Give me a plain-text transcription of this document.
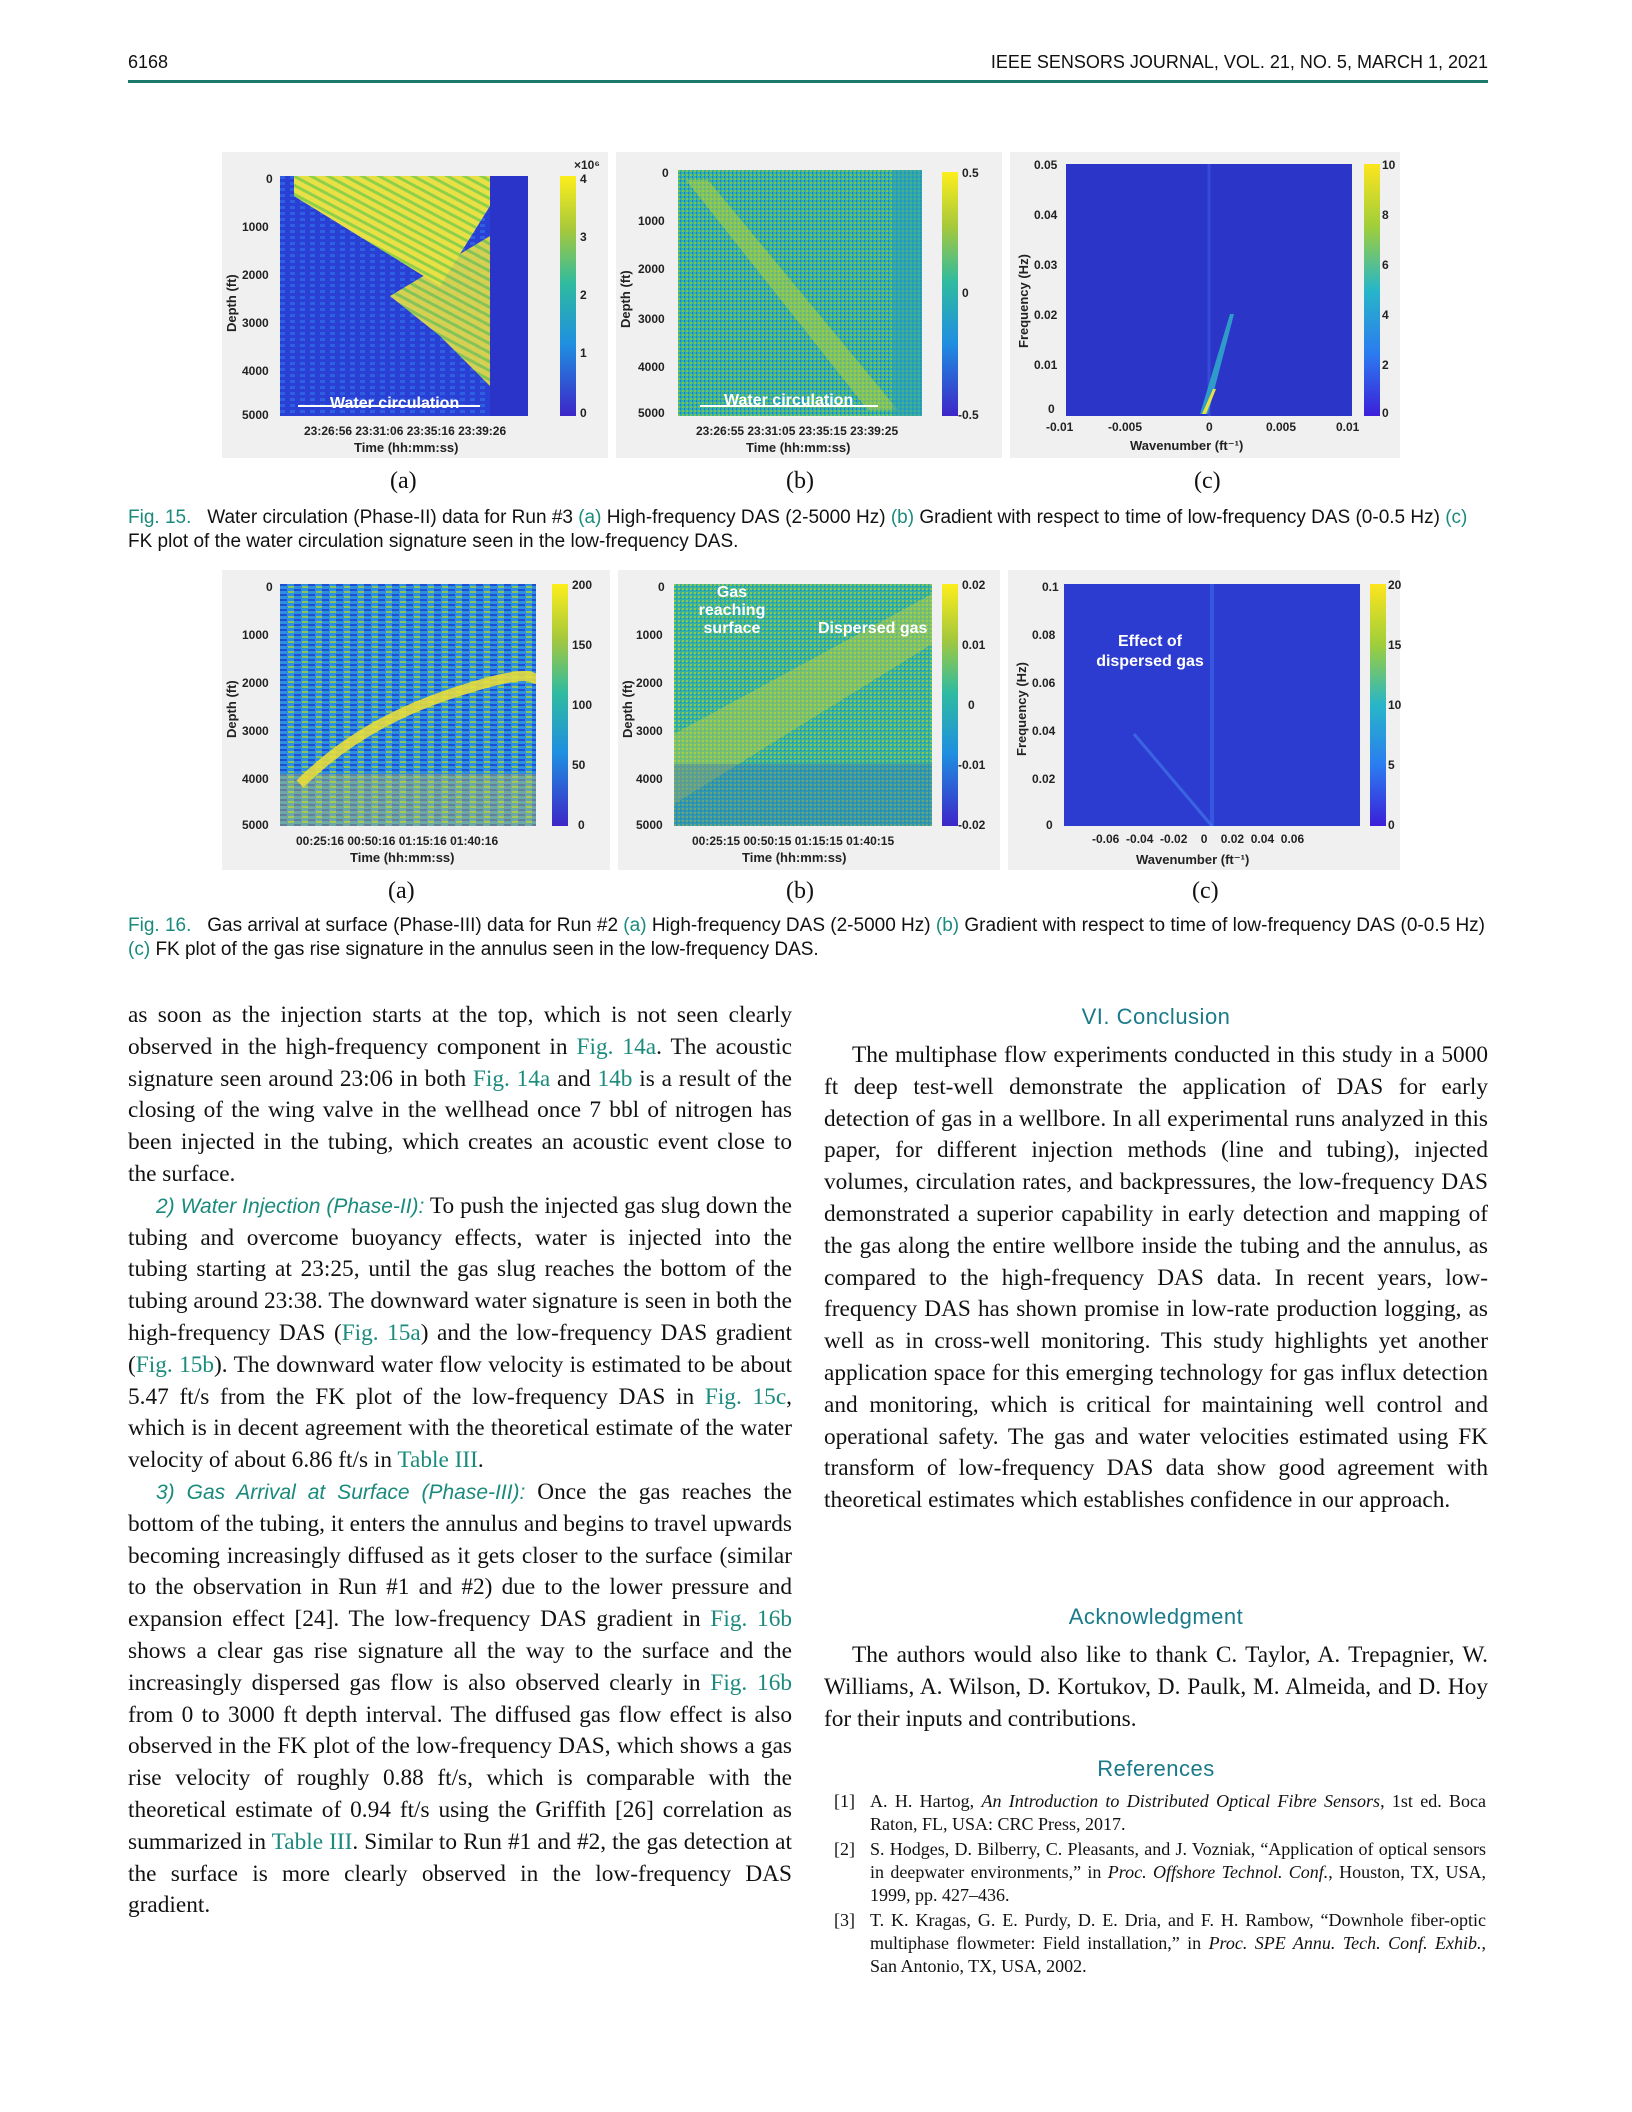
6168	IEEE SENSORS JOURNAL, VOL. 21, NO. 5, MARCH 1, 2021
Depth (ft)
0
1000
2000
3000
4000
5000
Water circulation
×10⁶
4
3
2
1
0
23:26:56 23:31:06 23:35:16 23:39:26
Time (hh:mm:ss)
(a)
Depth (ft)
0
1000
2000
3000
4000
5000
Water circulation
0.5
0
-0.5
23:26:55 23:31:05 23:35:15 23:39:25
Time (hh:mm:ss)
(b)
Frequency (Hz)
0.05
0.04
0.03
0.02
0.01
0
10
8
6
4
2
0
-0.01	-0.005	0	0.005	0.01
Wavenumber (ft⁻¹)
(c)
Fig. 15. Water circulation (Phase-II) data for Run #3 (a) High-frequency DAS (2-5000 Hz) (b) Gradient with respect to time of low-frequency DAS (0-0.5 Hz) (c) FK plot of the water circulation signature seen in the low-frequency DAS.
Depth (ft)
0
1000
2000
3000
4000
5000
200
150
100
50
0
00:25:16 00:50:16 01:15:16 01:40:16
Time (hh:mm:ss)
(a)
Depth (ft)
0
1000
2000
3000
4000
5000
Gas reaching surface	Dispersed gas
0.02
0.01
0
-0.01
-0.02
00:25:15 00:50:15 01:15:15 01:40:15
Time (hh:mm:ss)
(b)
Frequency (Hz)
0.1
0.08
0.06
0.04
0.02
0
Effect of dispersed gas
20
15
10
5
0
-0.06  -0.04  -0.02    0    0.02  0.04  0.06
Wavenumber (ft⁻¹)
(c)
Fig. 16. Gas arrival at surface (Phase-III) data for Run #2 (a) High-frequency DAS (2-5000 Hz) (b) Gradient with respect to time of low-frequency DAS (0-0.5 Hz) (c) FK plot of the gas rise signature in the annulus seen in the low-frequency DAS.

as soon as the injection starts at the top, which is not seen clearly observed in the high-frequency component in Fig. 14a. The acoustic signature seen around 23:06 in both Fig. 14a and 14b is a result of the closing of the wing valve in the wellhead once 7 bbl of nitrogen has been injected in the tubing, which creates an acoustic event close to the surface.

2) Water Injection (Phase-II): To push the injected gas slug down the tubing and overcome buoyancy effects, water is injected into the tubing starting at 23:25, until the gas slug reaches the bottom of the tubing around 23:38. The downward water signature is seen in both the high-frequency DAS (Fig. 15a) and the low-frequency DAS gradient (Fig. 15b). The downward water flow velocity is estimated to be about 5.47 ft/s from the FK plot of the low-frequency DAS in Fig. 15c, which is in decent agreement with the theoretical estimate of the water velocity of about 6.86 ft/s in Table III.

3) Gas Arrival at Surface (Phase-III): Once the gas reaches the bottom of the tubing, it enters the annulus and begins to travel upwards becoming increasingly diffused as it gets closer to the surface (similar to the observation in Run #1 and #2) due to the lower pressure and expansion effect [24]. The low-frequency DAS gradient in Fig. 16b shows a clear gas rise signature all the way to the surface and the increasingly dispersed gas flow is also observed clearly in Fig. 16b from 0 to 3000 ft depth interval. The diffused gas flow effect is also observed in the FK plot of the low-frequency DAS, which shows a gas rise velocity of roughly 0.88 ft/s, which is comparable with the theoretical estimate of 0.94 ft/s using the Griffith [26] correlation as summarized in Table III. Similar to Run #1 and #2, the gas detection at the surface is more clearly observed in the low-frequency DAS gradient.

VI. Conclusion

The multiphase flow experiments conducted in this study in a 5000 ft deep test-well demonstrate the application of DAS for early detection of gas in a wellbore. In all experimental runs analyzed in this paper, for different injection methods (line and tubing), injected volumes, circulation rates, and backpressures, the low-frequency DAS demonstrated a superior capability in early detection and mapping of the gas along the entire wellbore inside the tubing and the annulus, as compared to the high-frequency DAS data. In recent years, low-frequency DAS has shown promise in low-rate production logging, as well as in cross-well monitoring. This study highlights yet another application space for this emerging technology for gas influx detection and monitoring, which is critical for maintaining well control and operational safety. The gas and water velocities estimated using FK transform of low-frequency DAS data show good agreement with theoretical estimates which establishes confidence in our approach.

Acknowledgment

The authors would also like to thank C. Taylor, A. Trepagnier, W. Williams, A. Wilson, D. Kortukov, D. Paulk, M. Almeida, and D. Hoy for their inputs and contributions.

References
[1] A. H. Hartog, An Introduction to Distributed Optical Fibre Sensors, 1st ed. Boca Raton, FL, USA: CRC Press, 2017.
[2] S. Hodges, D. Bilberry, C. Pleasants, and J. Vozniak, “Application of optical sensors in deepwater environments,” in Proc. Offshore Technol. Conf., Houston, TX, USA, 1999, pp. 427–436.
[3] T. K. Kragas, G. E. Purdy, D. E. Dria, and F. H. Rambow, “Downhole fiber-optic multiphase flowmeter: Field installation,” in Proc. SPE Annu. Tech. Conf. Exhib., San Antonio, TX, USA, 2002.
